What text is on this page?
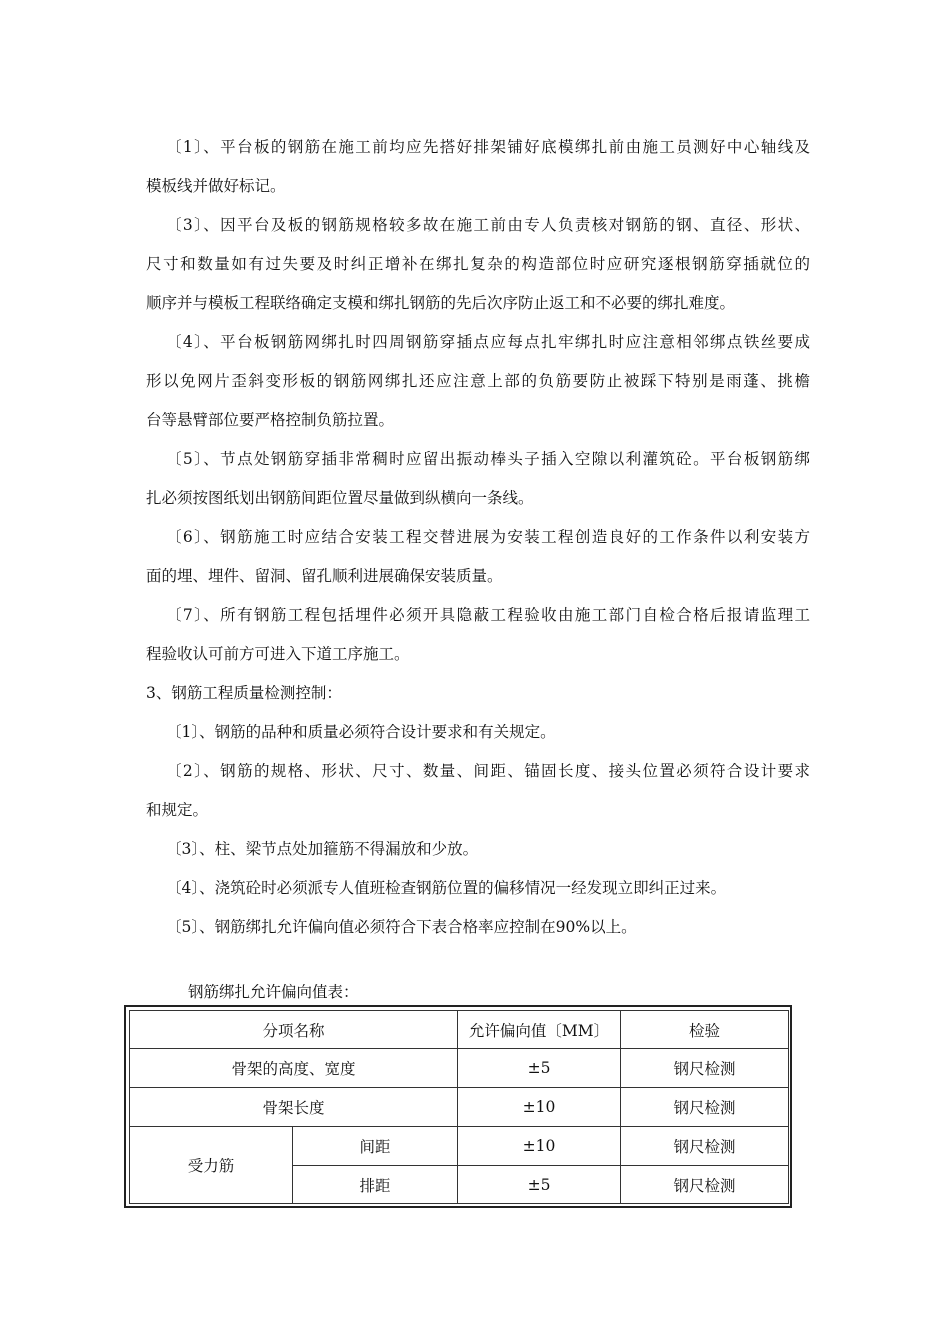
〔1〕、平台板的钢筋在施工前均应先搭好排架铺好底模绑扎前由施工员测好中心轴线及
模板线并做好标记。
〔3〕、因平台及板的钢筋规格较多故在施工前由专人负责核对钢筋的钢、直径、形状、
尺寸和数量如有过失要及时纠正增补在绑扎复杂的构造部位时应研究逐根钢筋穿插就位的
顺序并与模板工程联络确定支模和绑扎钢筋的先后次序防止返工和不必要的绑扎难度。
〔4〕、平台板钢筋网绑扎时四周钢筋穿插点应每点扎牢绑扎时应注意相邻绑点铁丝要成
形以免网片歪斜变形板的钢筋网绑扎还应注意上部的负筋要防止被踩下特别是雨蓬、挑檐
台等悬臂部位要严格控制负筋拉置。
〔5〕、节点处钢筋穿插非常稠时应留出振动棒头子插入空隙以利灌筑砼。平台板钢筋绑
扎必须按图纸划出钢筋间距位置尽量做到纵横向一条线。
〔6〕、钢筋施工时应结合安装工程交替进展为安装工程创造良好的工作条件以利安装方
面的埋、埋件、留洞、留孔顺利进展确保安装质量。
〔7〕、所有钢筋工程包括埋件必须开具隐蔽工程验收由施工部门自检合格后报请监理工
程验收认可前方可进入下道工序施工。
3、钢筋工程质量检测控制：
〔1〕、钢筋的品种和质量必须符合设计要求和有关规定。
〔2〕、钢筋的规格、形状、尺寸、数量、间距、锚固长度、接头位置必须符合设计要求
和规定。
〔3〕、柱、梁节点处加箍筋不得漏放和少放。
〔4〕、浇筑砼时必须派专人值班检查钢筋位置的偏移情况一经发现立即纠正过来。
〔5〕、钢筋绑扎允许偏向值必须符合下表合格率应控制在90%以上。
钢筋绑扎允许偏向值表：
分项名称		允许偏向值〔MM〕	检验
骨架的高度、宽度		±5	钢尺检测
骨架长度		±10	钢尺检测
受力筋	间距	±10	钢尺检测
	排距	±5	钢尺检测
